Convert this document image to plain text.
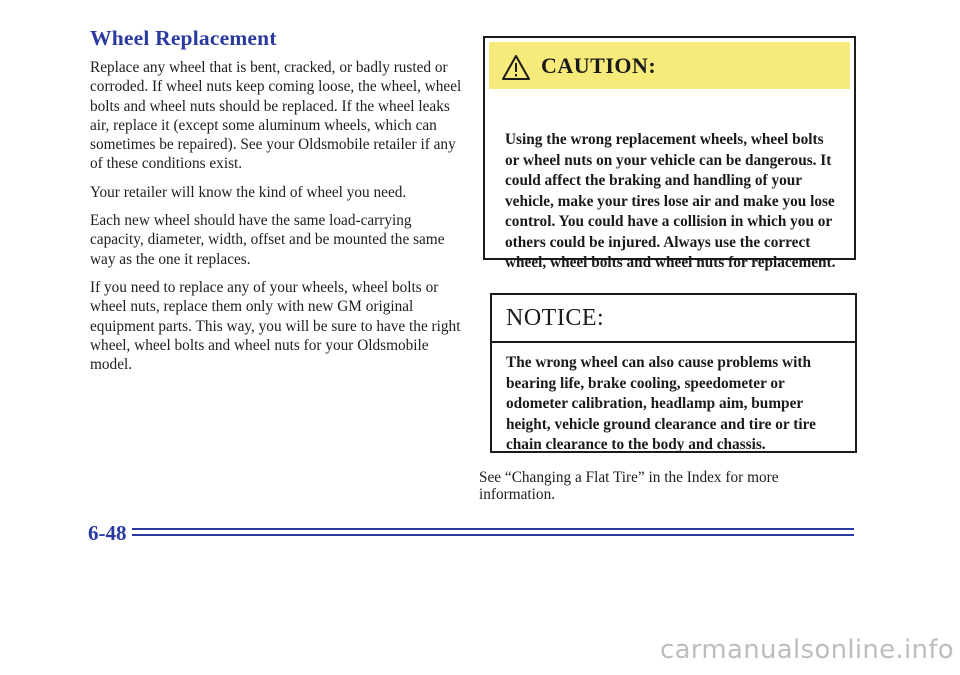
Wheel Replacement

Replace any wheel that is bent, cracked, or badly rusted or corroded. If wheel nuts keep coming loose, the wheel, wheel bolts and wheel nuts should be replaced. If the wheel leaks air, replace it (except some aluminum wheels, which can sometimes be repaired). See your Oldsmobile retailer if any of these conditions exist.

Your retailer will know the kind of wheel you need.

Each new wheel should have the same load-carrying capacity, diameter, width, offset and be mounted the same way as the one it replaces.

If you need to replace any of your wheels, wheel bolts or wheel nuts, replace them only with new GM original equipment parts. This way, you will be sure to have the right wheel, wheel bolts and wheel nuts for your Oldsmobile model.

CAUTION:

Using the wrong replacement wheels, wheel bolts or wheel nuts on your vehicle can be dangerous. It could affect the braking and handling of your vehicle, make your tires lose air and make you lose control. You could have a collision in which you or others could be injured. Always use the correct wheel, wheel bolts and wheel nuts for replacement.

NOTICE:

The wrong wheel can also cause problems with bearing life, brake cooling, speedometer or odometer calibration, headlamp aim, bumper height, vehicle ground clearance and tire or tire chain clearance to the body and chassis.

See “Changing a Flat Tire” in the Index for more information.

6-48
carmanualsonline.info
